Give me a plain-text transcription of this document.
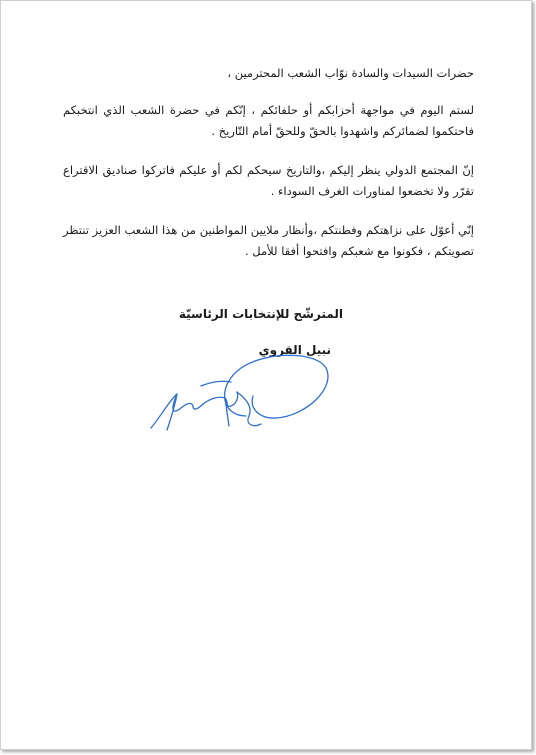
حضرات السيدات والسادة نوّاب الشعب المحترمين ،

لستم اليوم في مواجهة أحزابكم أو حلفائكم ، إنّكم في حضرة الشعب الذي انتخبكم فاحتكموا لضمائركم واشهدوا بالحقّ وللحقّ أمام التّاريخ .

إنّ المجتمع الدولي ينظر إليكم ،والتاريخ سيحكم لكم أو عليكم فاتركوا صناديق الاقتراع تقرّر ولا تخضعوا لمناورات الغرف السوداء .

إنّي أعوّل على نزاهتكم وفطنتكم ،وأنظار ملايين المواطنين من هذا الشعب العزيز تنتظر تصويتكم ، فكونوا مع شعبكم وافتحوا أفقا للأمل .

المترشّح للإنتخابات الرئاسيّة

نبيل القروي
